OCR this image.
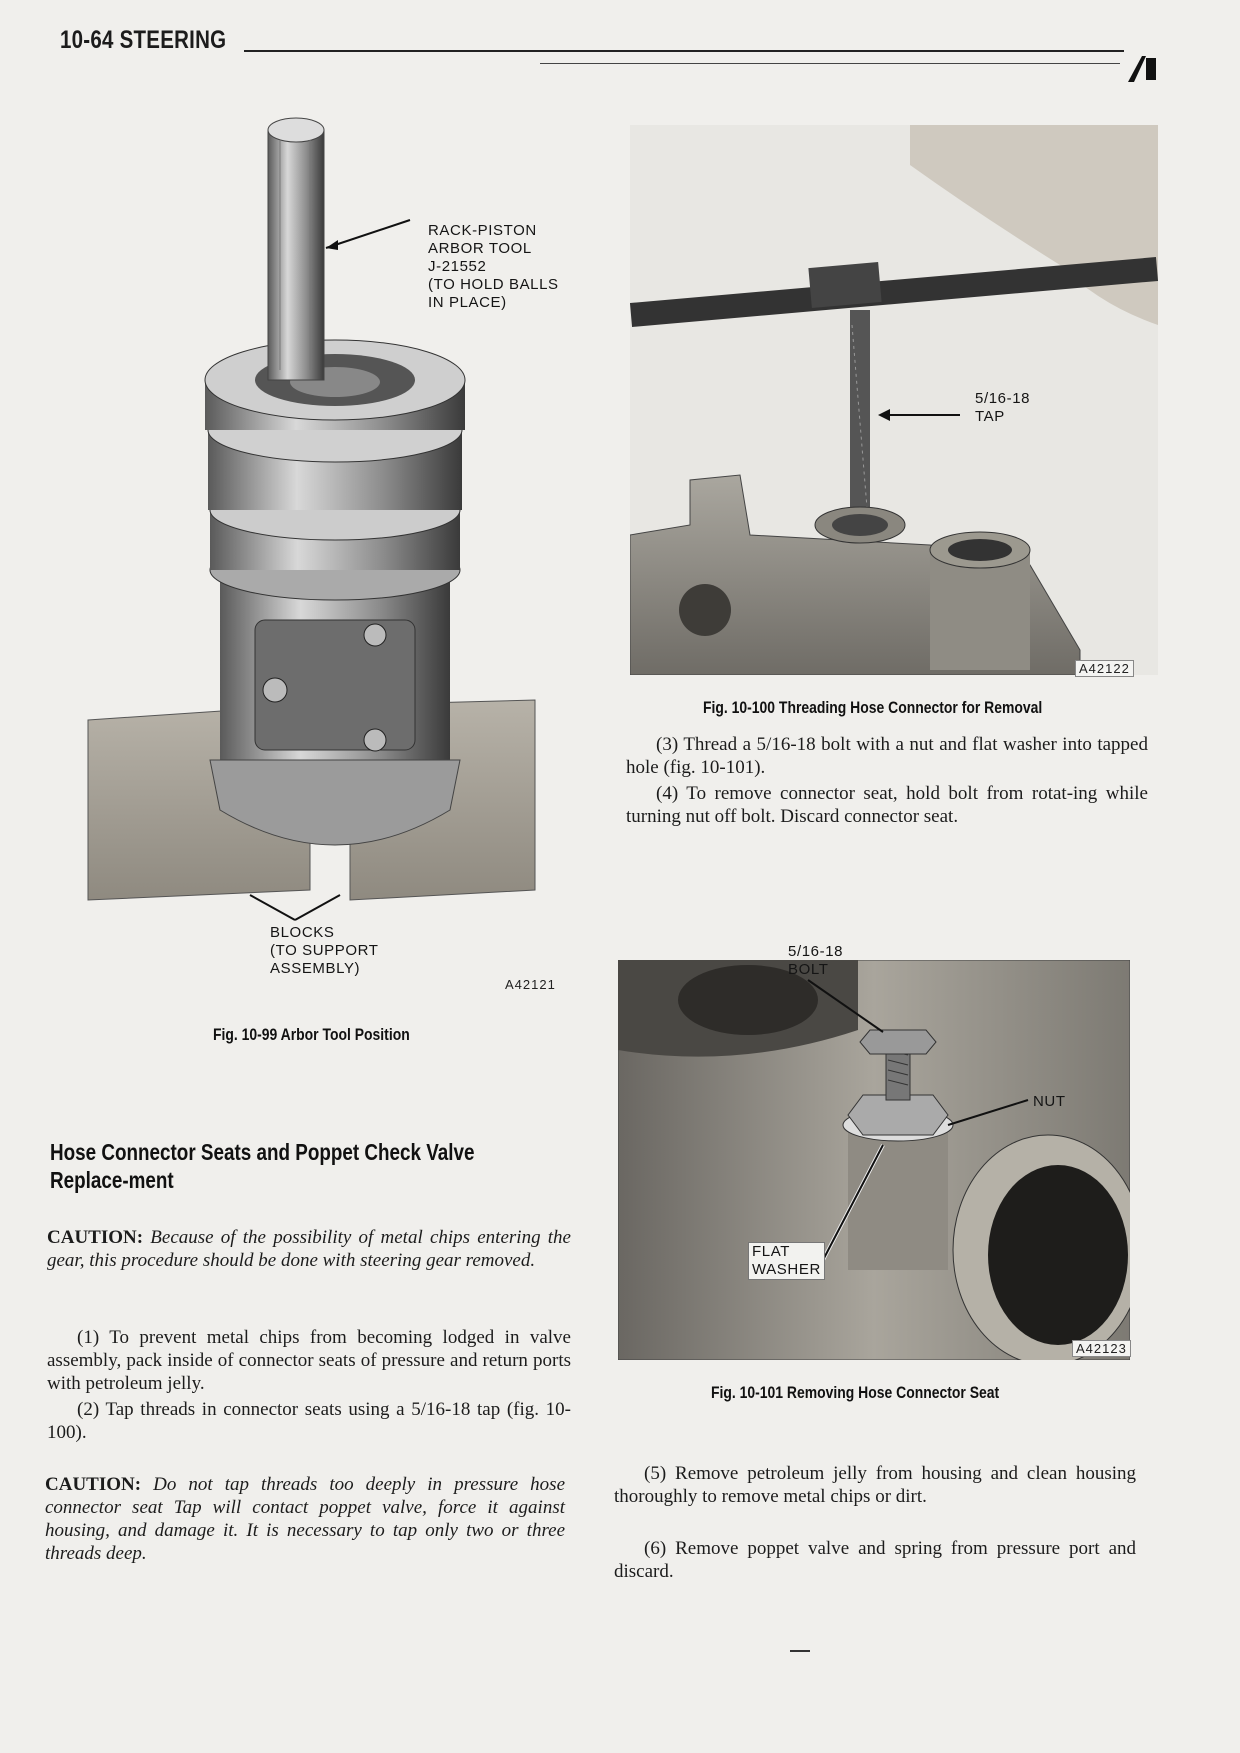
10-64 STEERING
RACK-PISTON
ARBOR TOOL
J-21552
(TO HOLD BALLS
IN PLACE)
BLOCKS
(TO SUPPORT
ASSEMBLY)
A42121
Fig. 10-99 Arbor Tool Position
5/16-18
TAP
A42122
Fig. 10-100 Threading Hose Connector for Removal

(3) Thread a 5/16-18 bolt with a nut and flat washer into tapped hole (fig. 10-101).

(4) To remove connector seat, hold bolt from rotat-ing while turning nut off bolt. Discard connector seat.

5/16-18
BOLT
NUT
FLAT
WASHER
A42123
Fig. 10-101 Removing Hose Connector Seat
Hose Connector Seats and Poppet Check Valve Replace-ment

CAUTION: Because of the possibility of metal chips entering the gear, this procedure should be done with steering gear removed.

(1) To prevent metal chips from becoming lodged in valve assembly, pack inside of connector seats of pressure and return ports with petroleum jelly.

(2) Tap threads in connector seats using a 5/16-18 tap (fig. 10-100).

CAUTION: Do not tap threads too deeply in pressure hose connector seat Tap will contact poppet valve, force it against housing, and damage it. It is necessary to tap only two or three threads deep.

(5) Remove petroleum jelly from housing and clean housing thoroughly to remove metal chips or dirt.

(6) Remove poppet valve and spring from pressure port and discard.
